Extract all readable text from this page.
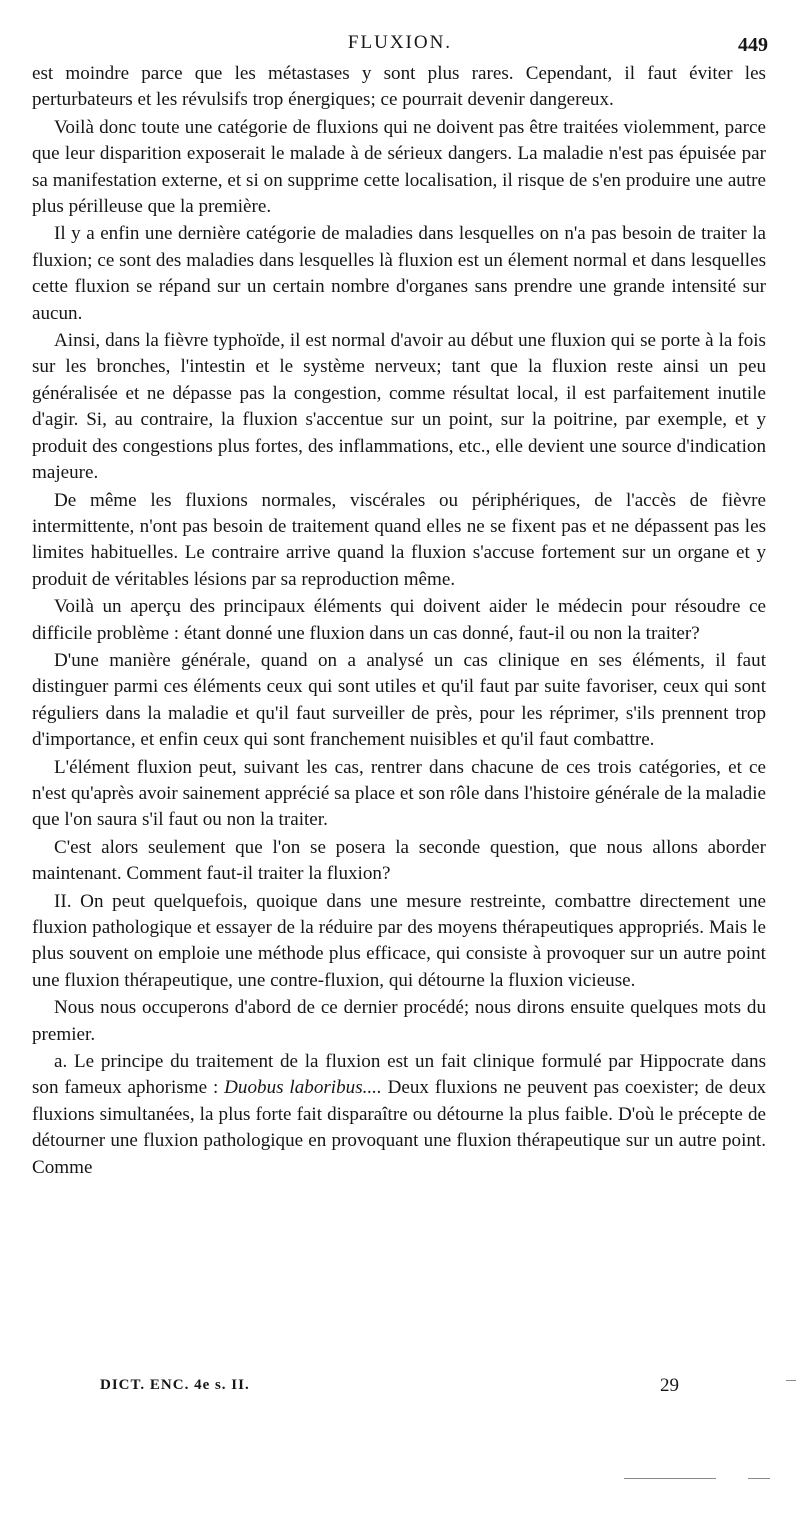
FLUXION.	449

est moindre parce que les métastases y sont plus rares. Cependant, il faut éviter les perturbateurs et les révulsifs trop énergiques; ce pourrait devenir dangereux.

Voilà donc toute une catégorie de fluxions qui ne doivent pas être traitées violemment, parce que leur disparition exposerait le malade à de sérieux dangers. La maladie n'est pas épuisée par sa manifestation externe, et si on supprime cette localisation, il risque de s'en produire une autre plus périlleuse que la première.

Il y a enfin une dernière catégorie de maladies dans lesquelles on n'a pas besoin de traiter la fluxion; ce sont des maladies dans lesquelles là fluxion est un élement normal et dans lesquelles cette fluxion se répand sur un certain nombre d'organes sans prendre une grande intensité sur aucun.

Ainsi, dans la fièvre typhoïde, il est normal d'avoir au début une fluxion qui se porte à la fois sur les bronches, l'intestin et le système nerveux; tant que la fluxion reste ainsi un peu généralisée et ne dépasse pas la congestion, comme résultat local, il est parfaitement inutile d'agir. Si, au contraire, la fluxion s'accentue sur un point, sur la poitrine, par exemple, et y produit des congestions plus fortes, des inflammations, etc., elle devient une source d'indication majeure.

De même les fluxions normales, viscérales ou périphériques, de l'accès de fièvre intermittente, n'ont pas besoin de traitement quand elles ne se fixent pas et ne dépassent pas les limites habituelles. Le contraire arrive quand la fluxion s'accuse fortement sur un organe et y produit de véritables lésions par sa reproduction même.

Voilà un aperçu des principaux éléments qui doivent aider le médecin pour résoudre ce difficile problème : étant donné une fluxion dans un cas donné, faut-il ou non la traiter?

D'une manière générale, quand on a analysé un cas clinique en ses éléments, il faut distinguer parmi ces éléments ceux qui sont utiles et qu'il faut par suite favoriser, ceux qui sont réguliers dans la maladie et qu'il faut surveiller de près, pour les réprimer, s'ils prennent trop d'importance, et enfin ceux qui sont franchement nuisibles et qu'il faut combattre.

L'élément fluxion peut, suivant les cas, rentrer dans chacune de ces trois catégories, et ce n'est qu'après avoir sainement apprécié sa place et son rôle dans l'histoire générale de la maladie que l'on saura s'il faut ou non la traiter.

C'est alors seulement que l'on se posera la seconde question, que nous allons aborder maintenant. Comment faut-il traiter la fluxion?

II. On peut quelquefois, quoique dans une mesure restreinte, combattre directement une fluxion pathologique et essayer de la réduire par des moyens thérapeutiques appropriés. Mais le plus souvent on emploie une méthode plus efficace, qui consiste à provoquer sur un autre point une fluxion thérapeutique, une contre-fluxion, qui détourne la fluxion vicieuse.

Nous nous occuperons d'abord de ce dernier procédé; nous dirons ensuite quelques mots du premier.

a. Le principe du traitement de la fluxion est un fait clinique formulé par Hippocrate dans son fameux aphorisme : Duobus laboribus.... Deux fluxions ne peuvent pas coexister; de deux fluxions simultanées, la plus forte fait disparaître ou détourne la plus faible. D'où le précepte de détourner une fluxion pathologique en provoquant une fluxion thérapeutique sur un autre point. Comme

DICT. ENC. 4e s. II.	29
